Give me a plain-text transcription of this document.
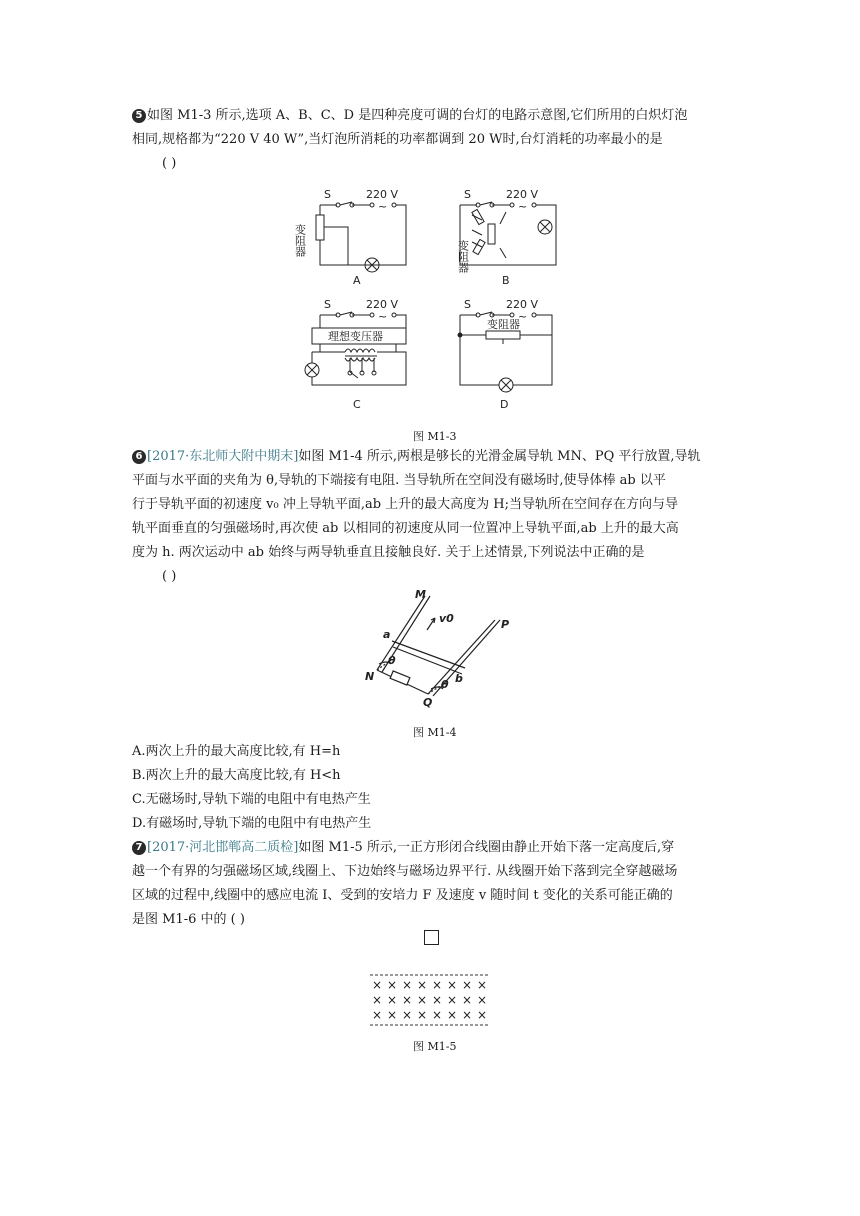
5 如图 M1-3 所示,选项 A、B、C、D 是四种亮度可调的台灯的电路示意图,它们所用的白炽灯泡
相同,规格都为“220 V 40 W”,当灯泡所消耗的功率都调到 20 W时,台灯消耗的功率最小的是
( )
S	220 V
~
变阻器
A
S	220 V
~
变阻器
B
S	220 V
~
理想变压器
C
S	220 V
~
变阻器
D
图 M1-3
6 [2017·东北师大附中期末]如图 M1-4 所示,两根是够长的光滑金属导轨 MN、PQ 平行放置,导轨
平面与水平面的夹角为 θ,导轨的下端接有电阻. 当导轨所在空间没有磁场时,使导体棒 ab 以平
行于导轨平面的初速度 v₀ 冲上导轨平面,ab 上升的最大高度为 H;当导轨所在空间存在方向与导
轨平面垂直的匀强磁场时,再次使 ab 以相同的初速度从同一位置冲上导轨平面,ab 上升的最大高
度为 h. 两次运动中 ab 始终与两导轨垂直且接触良好. 关于上述情景,下列说法中正确的是
( )
M
P
a
b
N
Q
v0
θ
θ
图 M1-4
A.两次上升的最大高度比较,有 H=h
B.两次上升的最大高度比较,有 H<h
C.无磁场时,导轨下端的电阻中有电热产生
D.有磁场时,导轨下端的电阻中有电热产生
7 [2017·河北邯郸高二质检]如图 M1-5 所示,一正方形闭合线圈由静止开始下落一定高度后,穿
越一个有界的匀强磁场区域,线圈上、下边始终与磁场边界平行. 从线圈开始下落到完全穿越磁场
区域的过程中,线圈中的感应电流 I、受到的安培力 F 及速度 v 随时间 t 变化的关系可能正确的
是图 M1-6 中的 ( )
× × × × × × × ×
× × × × × × × ×
× × × × × × × ×
图 M1-5
